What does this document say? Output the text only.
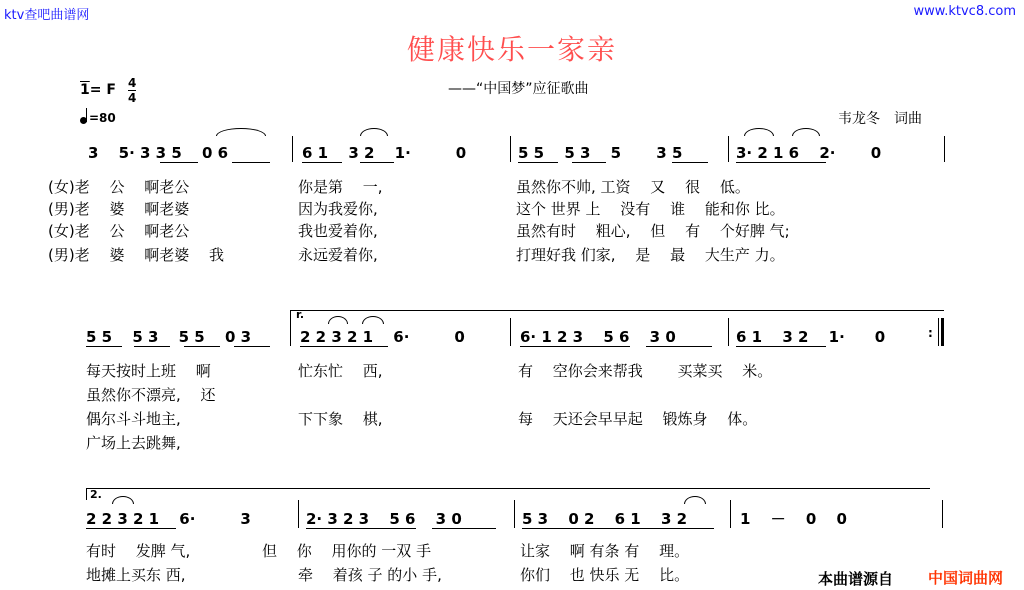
ktv查吧曲谱网	www.ktvc8.com
健康快乐一家亲
——“中国梦”应征歌曲
韦龙冬　词曲
1= F 4
4
=80
3　 5· 3 3 5 　0 6	6 1 　3 2 　1·　　　0	5 5 　5 3 　5 　　3 5	3· 2 1 6 　2· 　　0
(女)老 　公 　啊老公	你是第 　一,	虽然你不帅, 工资 　又 　很 　低。
(男)老 　婆 　啊老婆	因为我爱你,	这个 世界 上 　没有 　谁 　能和你 比。
(女)老 　公 　啊老公	我也爱着你,	虽然有时 　粗心, 　但 　有 　个好脾 气;
(男)老 　婆 　啊老婆 　我	永远爱着你,	打理好我 们家, 　是 　最 　大生产 力。
r.
5 5 　5 3 　5 5 　0 3	2 2 3 2 1 　6·　　　0	6· 1 2 3 　5 6 　3 0	6 1 　3 2 　1·　　0	:
每天按时上班 　啊	忙东忙 　西,	有 　空你会来帮我 　　买菜买 　米。
虽然你不漂亮, 　还
偶尔斗斗地主,	下下象 　棋,	每 　天还会早早起 　锻炼身 　体。
广场上去跳舞,
2.
2 2 3 2 1 　6·　　　3	2· 3 2 3 　5 6 　3 0	5 3 　0 2 　6 1 　3 2	1 　－ 　0 　0
有时 　发脾 气,	但 　你 　用你的 一双 手	让家 　啊 有条 有 　理。
地摊上买东 西,	牵 　着孩 子 的小 手,	你们 　也 快乐 无 　比。	本曲谱源自 中国词曲网
